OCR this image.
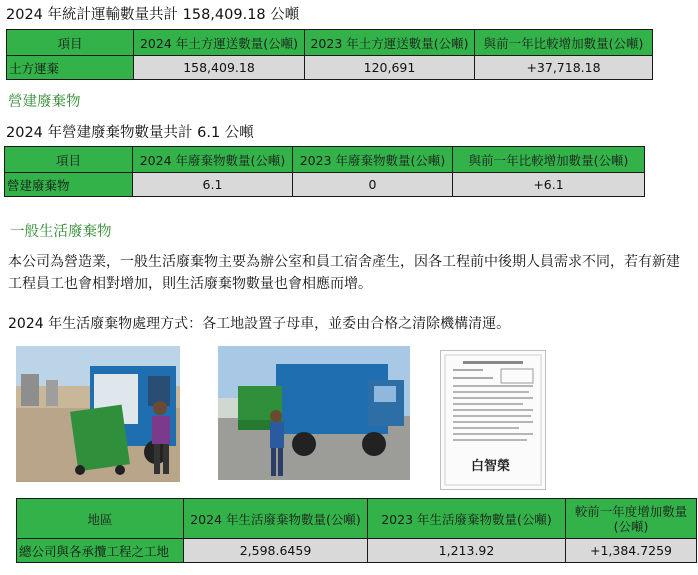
2024 年統計運輸數量共計 158,409.18 公噸
項目	2024 年土方運送數量(公噸)	2023 年土方運送數量(公噸)	與前一年比較增加數量(公噸)
土方運棄	158,409.18	120,691	+37,718.18
營建廢棄物
2024 年營建廢棄物數量共計 6.1 公噸
項目	2024 年廢棄物數量(公噸)	2023 年廢棄物數量(公噸)	與前一年比較增加數量(公噸)
營建廢棄物	6.1	0	+6.1
一般生活廢棄物
本公司為營造業，一般生活廢棄物主要為辦公室和員工宿舍產生，因各工程前中後期人員需求不同，若有新建工程員工也會相對增加，則生活廢棄物數量也會相應而增。
2024 年生活廢棄物處理方式：各工地設置子母車，並委由合格之清除機構清運。
白智榮
地區	2024 年生活廢棄物數量(公噸)	2023 年生活廢棄物數量(公噸)	較前一年度增加數量(公噸)
總公司與各承攬工程之工地	2,598.6459	1,213.92	+1,384.7259
